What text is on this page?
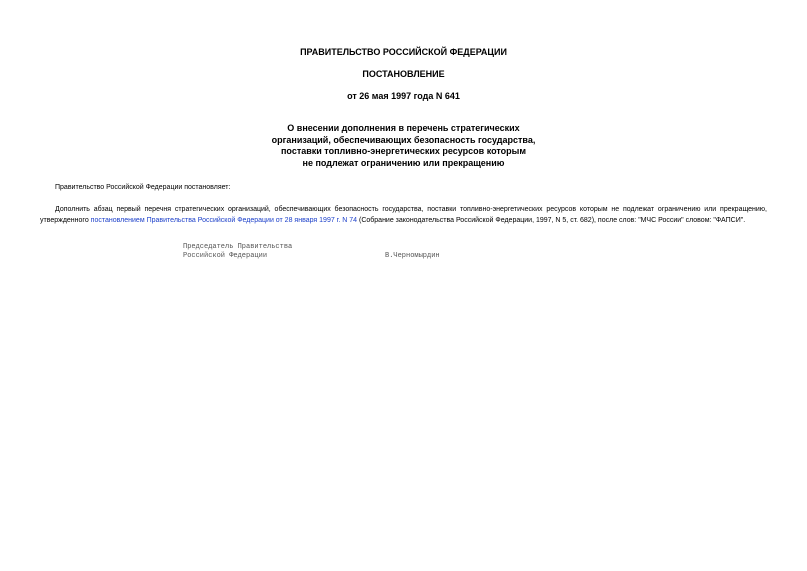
ПРАВИТЕЛЬСТВО РОССИЙСКОЙ ФЕДЕРАЦИИ
ПОСТАНОВЛЕНИЕ
от 26 мая 1997 года N 641
О внесении дополнения в перечень стратегических
организаций, обеспечивающих безопасность государства,
поставки топливно-энергетических ресурсов которым
не подлежат ограничению или прекращению
Правительство Российской Федерации постановляет:
Дополнить абзац первый перечня стратегических организаций, обеспечивающих безопасность государства, поставки топливно-энергетических ресурсов которым не подлежат ограничению или прекращению, утвержденного постановлением Правительства Российской Федерации от 28 января 1997 г. N 74 (Собрание законодательства Российской Федерации, 1997, N 5, ст. 682), после слов: "МЧС России" словом: "ФАПСИ".
Председатель Правительства
Российской Федерации	В.Черномырдин
